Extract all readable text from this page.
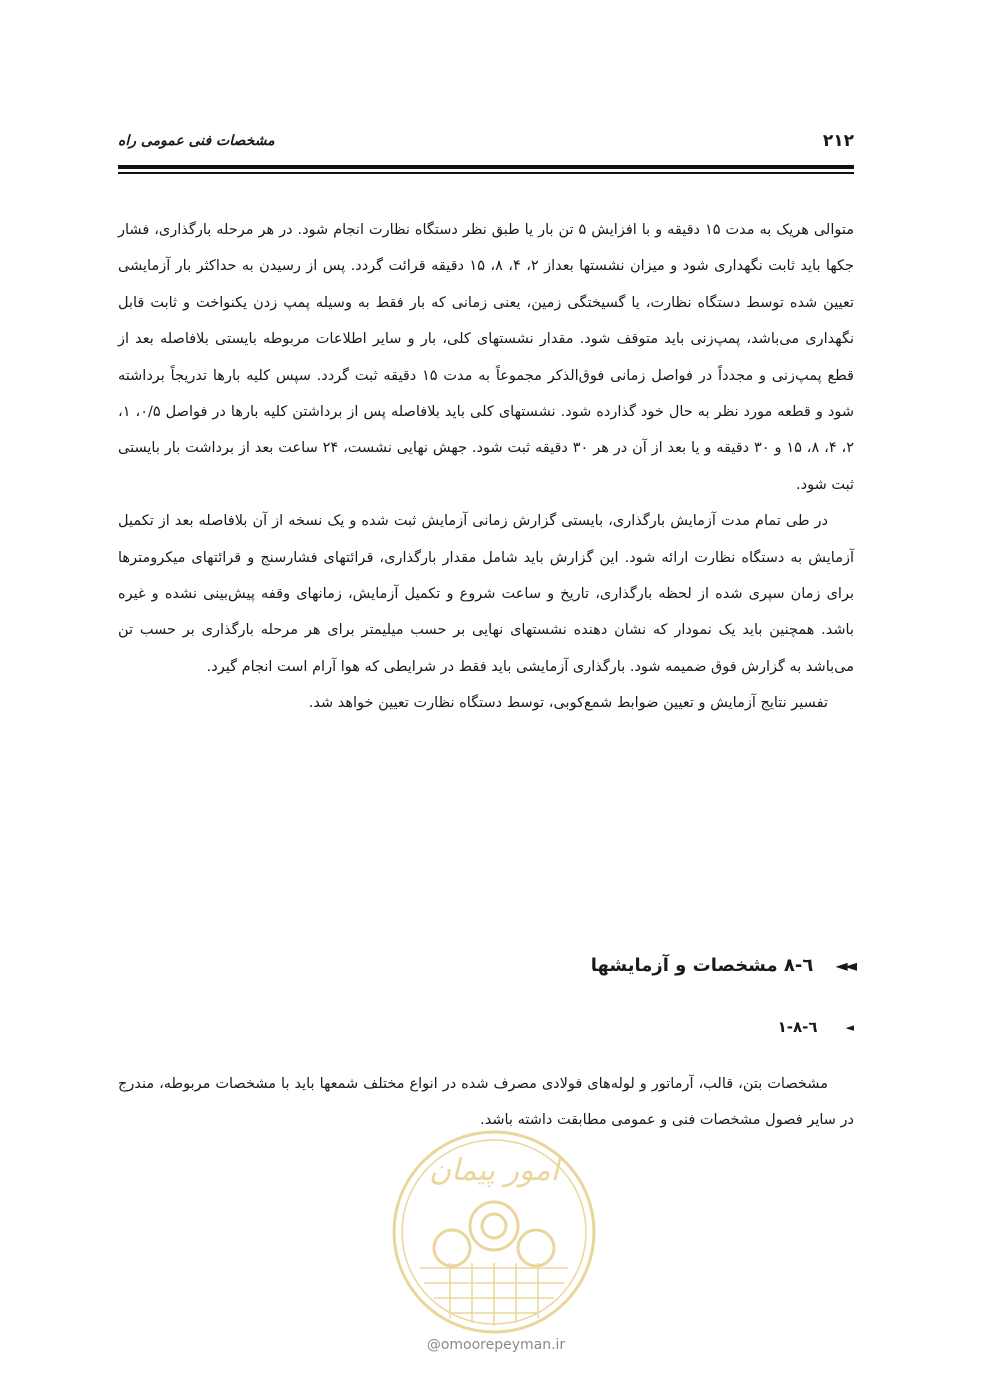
۲۱۲
مشخصات فنی عمومی راه

متوالی هریک به مدت ۱۵ دقیقه و با افزایش ۵ تن بار یا طبق نظر دستگاه نظارت انجام شود. در هر مرحله بارگذاری، فشار جکها باید ثابت نگهداری شود و میزان نشستها بعداز ۲، ۴، ۸، ۱۵ دقیقه قرائت گردد. پس از رسیدن به حداکثر بار آزمایشی تعیین شده توسط دستگاه نظارت، یا گسیختگی زمین، یعنی زمانی که بار فقط به وسیله پمپ زدن یکنواخت و ثابت قابل نگهداری می‌باشد، پمپ‌زنی باید متوقف شود. مقدار نشستهای کلی، بار و سایر اطلاعات مربوطه بایستی بلافاصله بعد از قطع پمپ‌زنی و مجدداً در فواصل زمانی فوق‌الذکر مجموعاً به مدت ۱۵ دقیقه ثبت گردد. سپس کلیه بارها تدریجاً برداشته شود و قطعه مورد نظر به حال خود گذارده شود. نشستهای کلی باید بلافاصله پس از برداشتن کلیه بارها در فواصل ۰/۵، ۱، ۲، ۴، ۸، ۱۵ و ۳۰ دقیقه و یا بعد از آن در هر ۳۰ دقیقه ثبت شود. جهش نهایی نشست، ۲۴ ساعت بعد از برداشت بار بایستی ثبت شود.

در طی تمام مدت آزمایش بارگذاری، بایستی گزارش زمانی آزمایش ثبت شده و یک نسخه از آن بلافاصله بعد از تکمیل آزمایش به دستگاه نظارت ارائه شود. این گزارش باید شامل مقدار بارگذاری، قرائتهای فشارسنج و قرائتهای میکرومترها برای زمان سپری شده از لحظه بارگذاری، تاریخ و ساعت شروع و تکمیل آزمایش، زمانهای وقفه پیش‌بینی نشده و غیره باشد. همچنین باید یک نمودار که نشان دهنده نشستهای نهایی بر حسب میلیمتر برای هر مرحله بارگذاری بر حسب تن می‌باشد به گزارش فوق ضمیمه شود. بارگذاری آزمایشی باید فقط در شرایطی که هوا آرام است انجام گیرد.

تفسیر نتایج آزمایش و تعیین ضوابط شمع‌کوبی، توسط دستگاه نظارت تعیین خواهد شد.

◄◄
٦-٨ مشخصات و آزمایشها
◄
٦-٨-١

مشخصات بتن، قالب، آرماتور و لوله‌های فولادی مصرف شده در انواع مختلف شمعها باید با مشخصات مربوطه، مندرج در سایر فصول مشخصات فنی و عمومی مطابقت داشته باشد.

امور پیمان
@omoorepeyman.ir
